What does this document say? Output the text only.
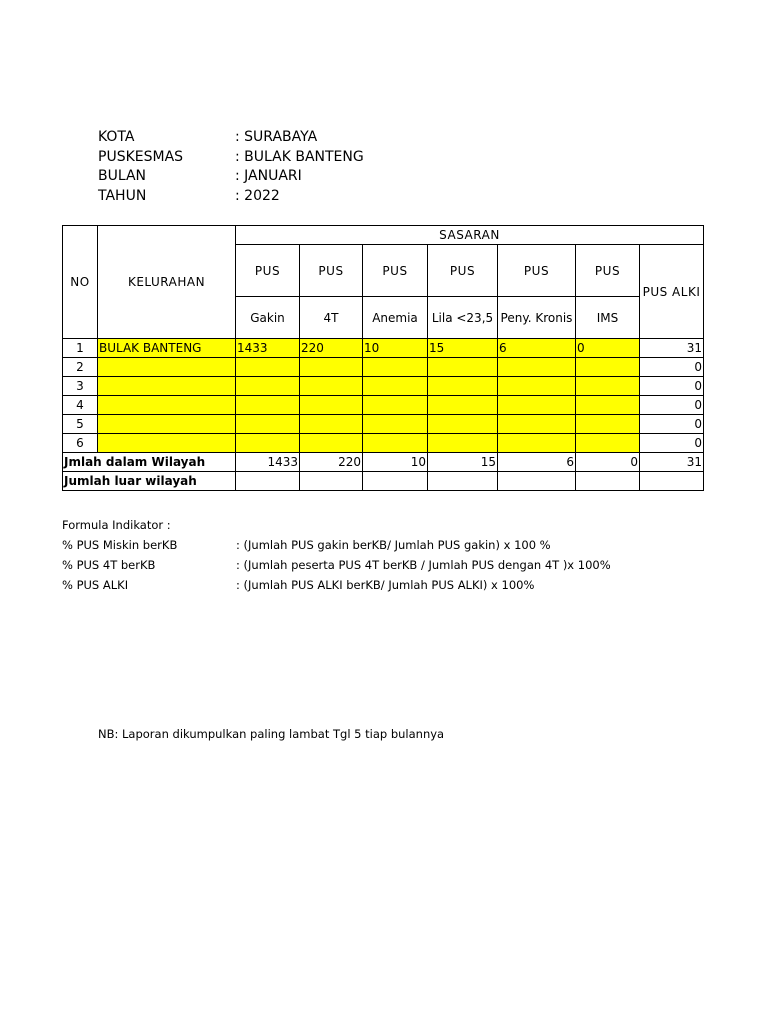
KOTA	: SURABAYA
PUSKESMAS	: BULAK BANTENG
BULAN	: JANUARI
TAHUN	: 2022
NO	KELURAHAN	SASARAN						
		PUS	PUS	PUS	PUS	PUS	PUS	PUS ALKI
		Gakin	4T	Anemia	Lila <23,5	Peny. Kronis	IMS	
1	BULAK BANTENG	1433	220	10	15	6	0	31
2								0
3								0
4								0
5								0
6								0
Jmlah dalam Wilayah		1433	220	10	15	6	0	31
Jumlah luar wilayah								
Formula Indikator :
% PUS Miskin berKB	: (Jumlah PUS gakin berKB/ Jumlah PUS gakin) x 100 %
% PUS 4T berKB	: (Jumlah peserta PUS 4T berKB / Jumlah PUS dengan 4T )x 100%
% PUS ALKI	: (Jumlah PUS ALKI berKB/ Jumlah PUS ALKI) x 100%
NB: Laporan dikumpulkan paling lambat Tgl 5 tiap bulannya
